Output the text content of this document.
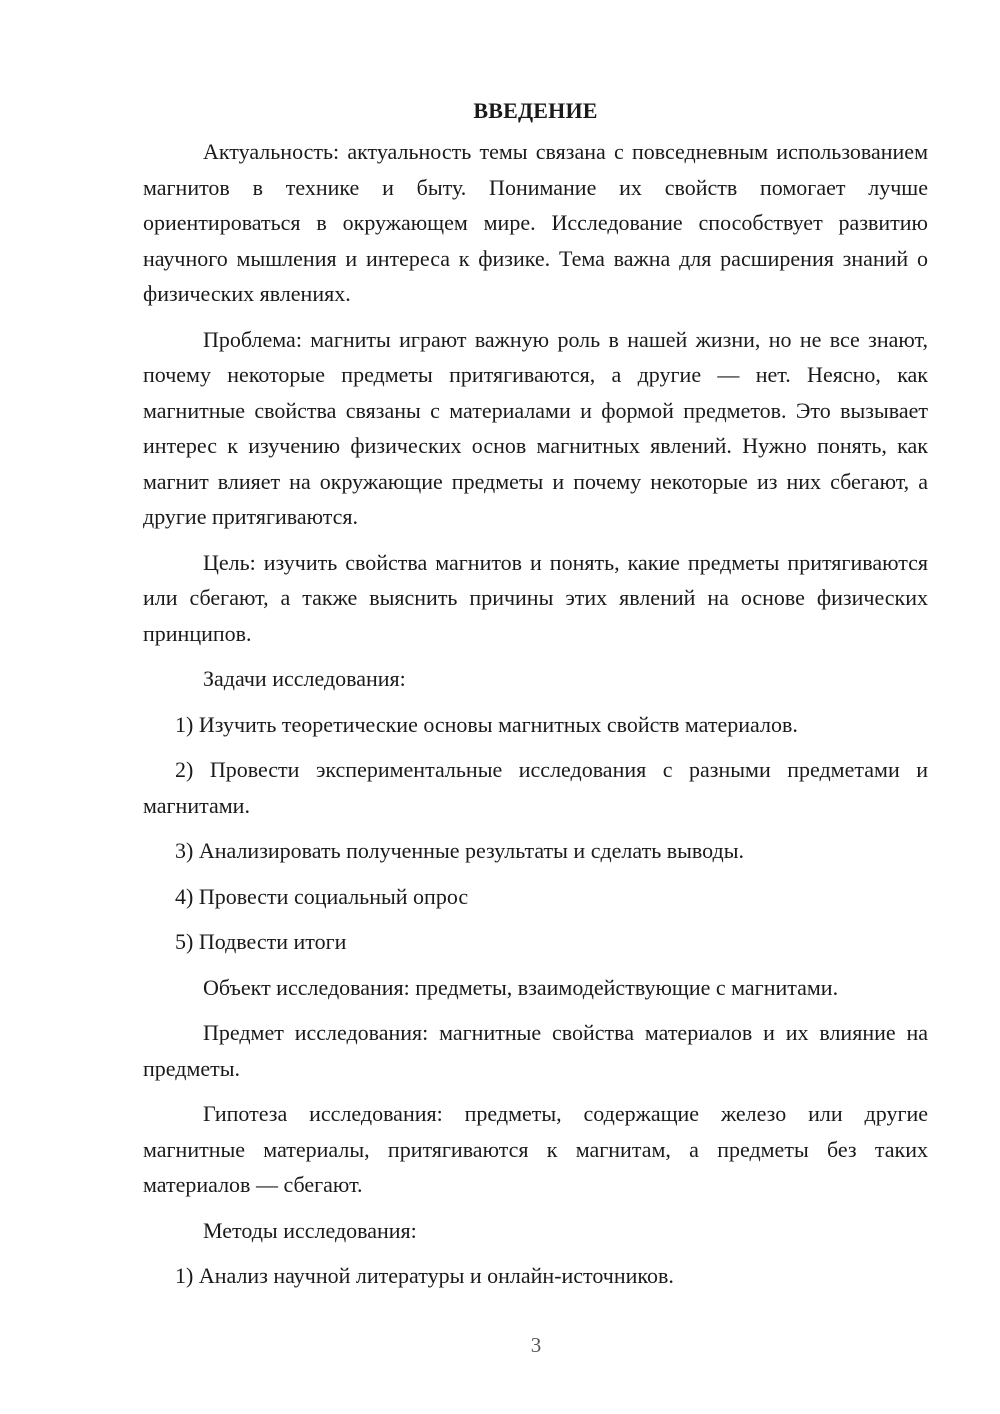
ВВЕДЕНИЕ

Актуальность: актуальность темы связана с повседневным использованием магнитов в технике и быту. Понимание их свойств помогает лучше ориентироваться в окружающем мире. Исследование способствует развитию научного мышления и интереса к физике. Тема важна для расширения знаний о физических явлениях.

Проблема: магниты играют важную роль в нашей жизни, но не все знают, почему некоторые предметы притягиваются, а другие — нет. Неясно, как магнитные свойства связаны с материалами и формой предметов. Это вызывает интерес к изучению физических основ магнитных явлений. Нужно понять, как магнит влияет на окружающие предметы и почему некоторые из них сбегают, а другие притягиваются.

Цель: изучить свойства магнитов и понять, какие предметы притягиваются или сбегают, а также выяснить причины этих явлений на основе физических принципов.

Задачи исследования:

1) Изучить теоретические основы магнитных свойств материалов.

2) Провести экспериментальные исследования с разными предметами и магнитами.

3) Анализировать полученные результаты и сделать выводы.

4) Провести социальный опрос

5) Подвести итоги

Объект исследования: предметы, взаимодействующие с магнитами.

Предмет исследования: магнитные свойства материалов и их влияние на предметы.

Гипотеза исследования: предметы, содержащие железо или другие магнитные материалы, притягиваются к магнитам, а предметы без таких материалов — сбегают.

Методы исследования:

1) Анализ научной литературы и онлайн-источников.

3
